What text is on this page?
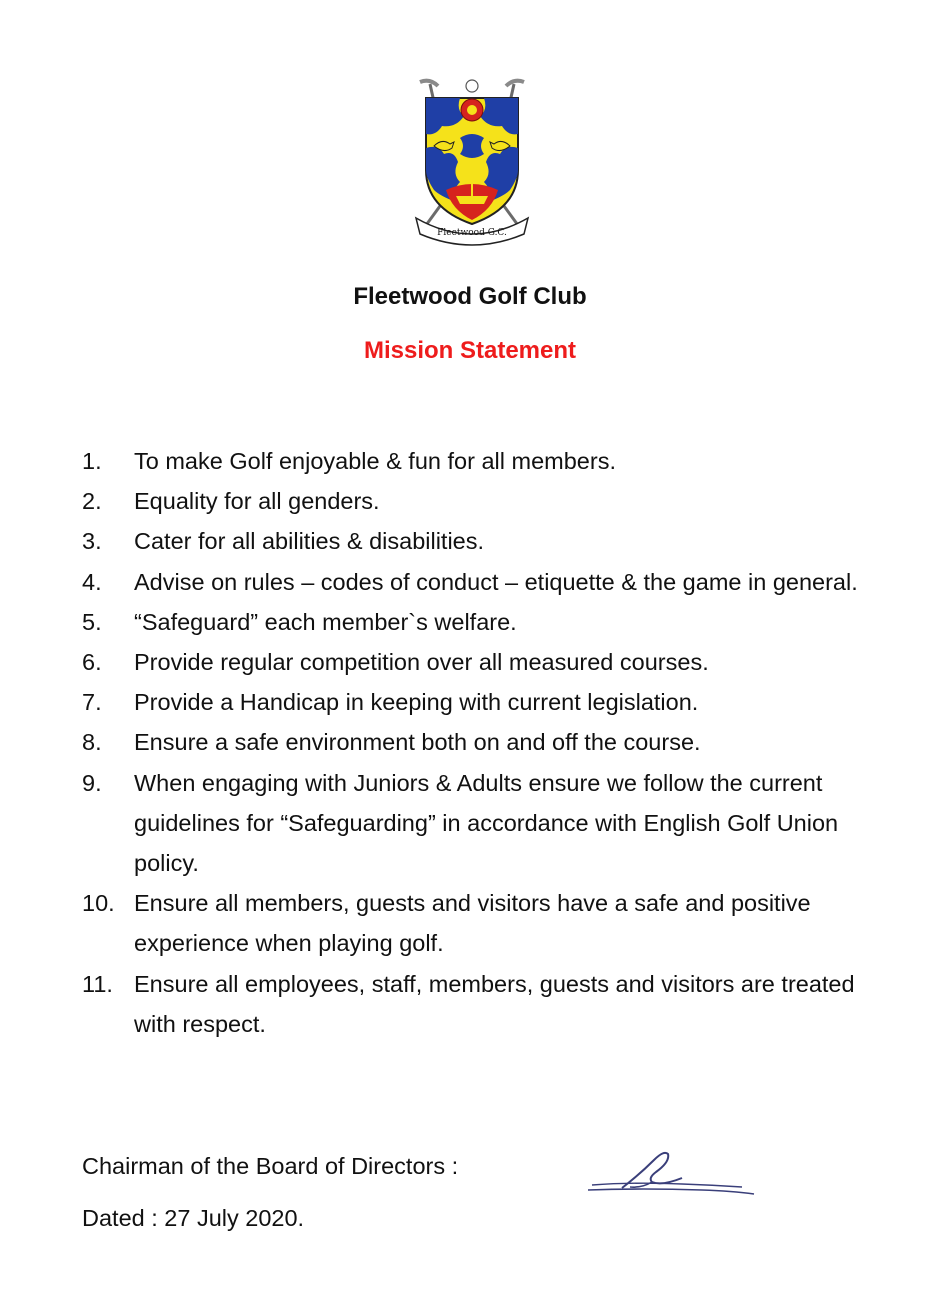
Fleetwood G.C.
Fleetwood Golf Club
Mission Statement
1. To make Golf enjoyable & fun for all members.
2. Equality for all genders.
3. Cater for all abilities & disabilities.
4. Advise on rules – codes of conduct – etiquette & the game in general.
5. “Safeguard” each member`s welfare.
6. Provide regular competition over all measured courses.
7. Provide a Handicap in keeping with current legislation.
8. Ensure a safe environment both on and off the course.
9. When engaging with Juniors & Adults ensure we follow the current guidelines for “Safeguarding” in accordance with English Golf Union policy.
10. Ensure all members, guests and visitors have a safe and positive experience when playing golf.
11. Ensure all employees, staff, members, guests and visitors are treated with respect.
Chairman of the Board of Directors :
Dated : 27 July 2020.
